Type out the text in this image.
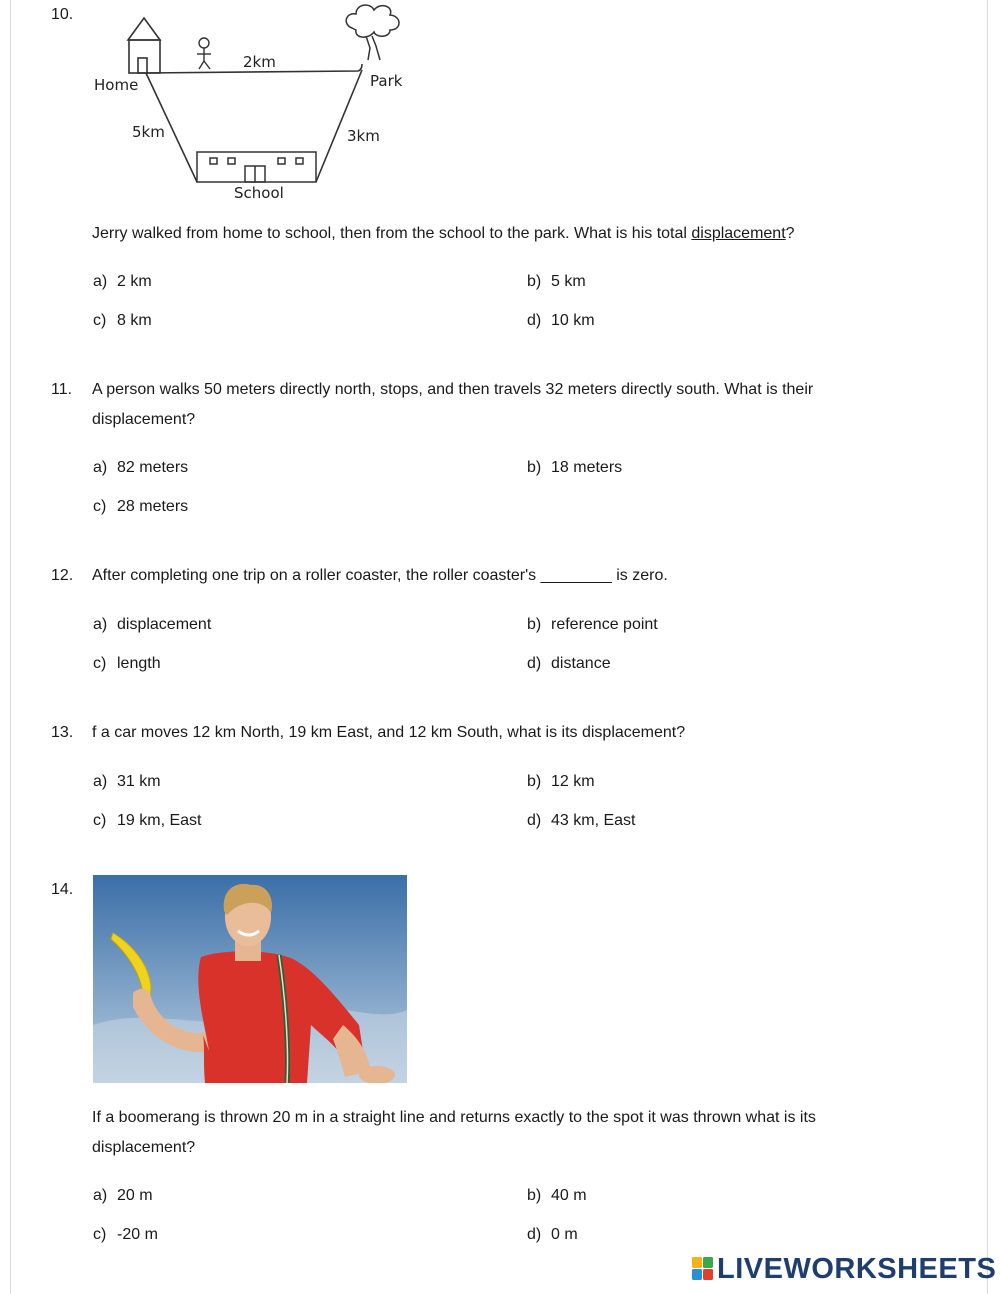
10.
Home	Park
School
2km
5km	3km
Jerry walked from home to school, then from the school to the park. What is his total displacement?
a) 2 km	b) 5 km
c) 8 km	d) 10 km
11. A person walks 50 meters directly north, stops, and then travels 32 meters directly south. What is their displacement?
a) 82 meters	b) 18 meters
c) 28 meters
12. After completing one trip on a roller coaster, the roller coaster's ________ is zero.
a) displacement	b) reference point
c) length	d) distance
13. f a car moves 12 km North, 19 km East, and 12 km South, what is its displacement?
a) 31 km	b) 12 km
c) 19 km, East	d) 43 km, East
14.
If a boomerang is thrown 20 m in a straight line and returns exactly to the spot it was thrown what is its displacement?
a) 20 m	b) 40 m
c) -20 m	d) 0 m
LIVEWORKSHEETS
